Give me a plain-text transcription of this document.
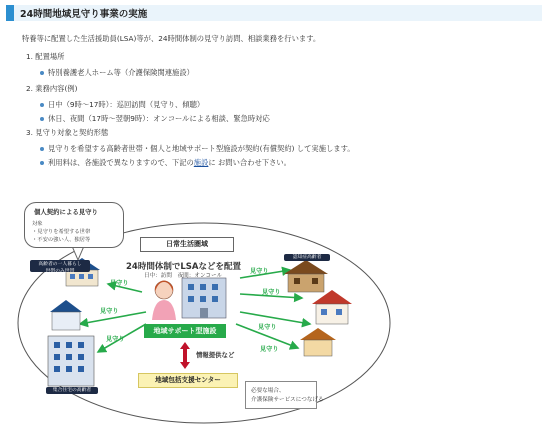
24時間地域見守り事業の実施
特養等に配置した生活援助員(LSA)等が、24時間体制の見守り訪問、相談業務を行います。
1. 配置場所
特別養護老人ホーム等（介護保険関連施設）
2. 業務内容(例)
日中（9時〜17時）：巡回訪問（見守り、傾聴）
休日、夜間（17時〜翌朝9時）：オンコールによる相談、緊急時対応
3. 見守り対象と契約形態
見守りを希望する高齢者世帯・個人と地域サポート型施設が契約(有償契約) して実施します。
利用料は、各施設で異なりますので、下記の施設に お問い合わせ下さい。
個人契約による見守り
対象
・見守りを希望する世帯
・不安の強い人、独居等	日常生活圏域
24時間体制でLSAなどを配置
日中：訪問　夜間：オンコール
地域サポート型施設
情報提供など
地域包括支援センター
必要な場合、
介護保険サービスにつなげる
見守り
見守り
見守り
見守り
見守り
見守り
見守り
高齢者の一人暮らし
世帯のみ世帯
認知症高齢者
集合住宅の高齢者
